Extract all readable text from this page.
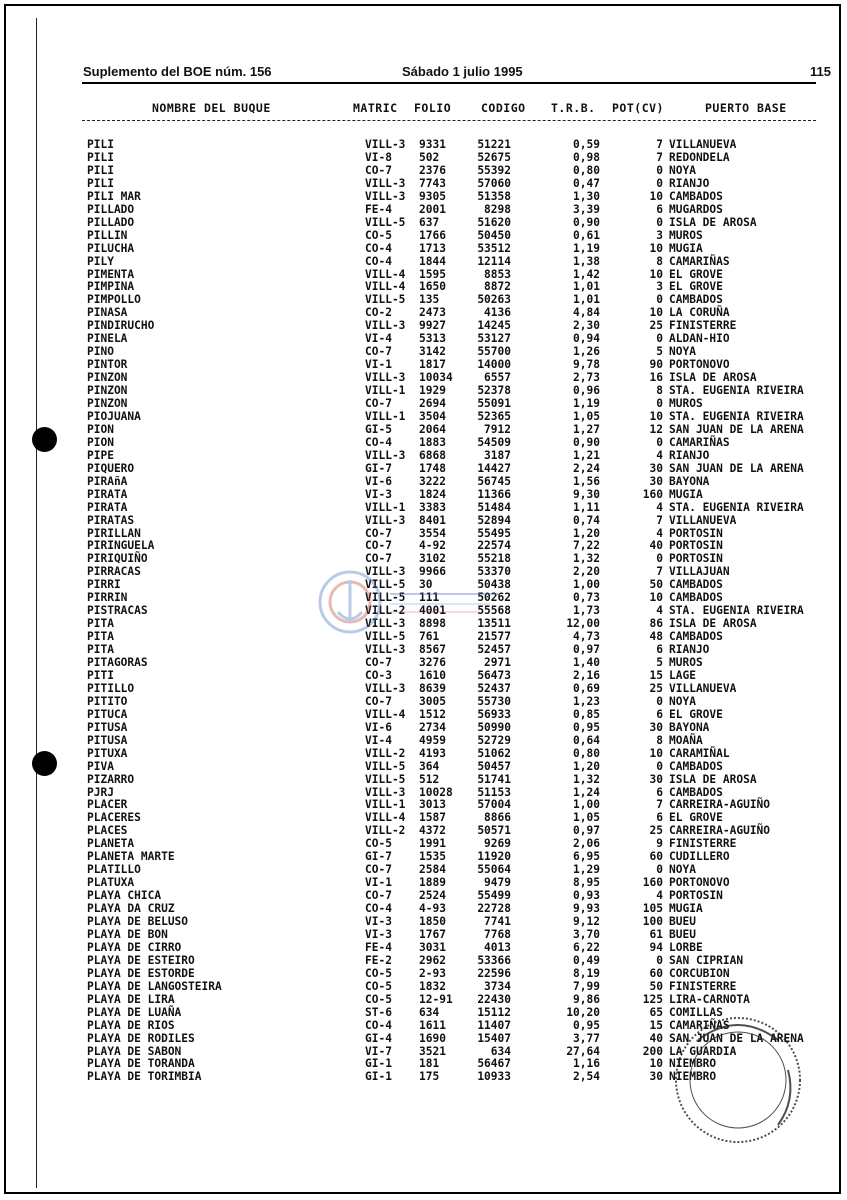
Suplemento del BOE núm. 156	Sábado 1 julio 1995	115
NOMBRE DEL BUQUE	MATRIC FOLIO	CODIGO T.R.B. POT(CV)	PUERTO BASE
PILI	VILL-3 9331	51221	0,59	7 VILLANUEVA
PILI	VI-8 502	52675	0,98	7 REDONDELA
PILI	CO-7 2376	55392	0,80	0 NOYA
PILI	VILL-3 7743	57060	0,47	0 RIANJO
PILI MAR	VILL-3 9305	51358	1,30	10 CAMBADOS
PILLADO	FE-4 2001	8298	3,39	6 MUGARDOS
PILLADO	VILL-5 637	51620	0,90	0 ISLA DE AROSA
PILLIN	CO-5 1766	50450	0,61	3 MUROS
PILUCHA	CO-4 1713	53512	1,19	10 MUGIA
PILY	CO-4 1844	12114	1,38	8 CAMARIÑAS
PIMENTA	VILL-4 1595	8853	1,42	10 EL GROVE
PIMPINA	VILL-4 1650	8872	1,01	3 EL GROVE
PIMPOLLO	VILL-5 135	50263	1,01	0 CAMBADOS
PINASA	CO-2 2473	4136	4,84	10 LA CORUÑA
PINDIRUCHO	VILL-3 9927	14245	2,30	25 FINISTERRE
PINELA	VI-4 5313	53127	0,94	0 ALDAN-HIO
PINO	CO-7 3142	55700	1,26	5 NOYA
PINTOR	VI-1 1817	14000	9,78	90 PORTONOVO
PINZON	VILL-3 10034	6557	2,73	16 ISLA DE AROSA
PINZON	VILL-1 1929	52378	0,96	8 STA. EUGENIA RIVEIRA
PINZON	CO-7 2694	55091	1,19	0 MUROS
PIOJUANA	VILL-1 3504	52365	1,05	10 STA. EUGENIA RIVEIRA
PION	GI-5 2064	7912	1,27	12 SAN JUAN DE LA ARENA
PION	CO-4 1883	54509	0,90	0 CAMARIÑAS
PIPE	VILL-3 6868	3187	1,21	4 RIANJO
PIQUERO	GI-7 1748	14427	2,24	30 SAN JUAN DE LA ARENA
PIRAñA	VI-6 3222	56745	1,56	30 BAYONA
PIRATA	VI-3 1824	11366	9,30	160 MUGIA
PIRATA	VILL-1 3383	51484	1,11	4 STA. EUGENIA RIVEIRA
PIRATAS	VILL-3 8401	52894	0,74	7 VILLANUEVA
PIRILLAN	CO-7 3554	55495	1,20	4 PORTOSIN
PIRINGUELA	CO-7 4-92	22574	7,22	40 PORTOSIN
PIRIQUIÑO	CO-7 3102	55218	1,32	0 PORTOSIN
PIRRACAS	VILL-3 9966	53370	2,20	7 VILLAJUAN
PIRRI	VILL-5 30	50438	1,00	50 CAMBADOS
PIRRIN	VILL-5 111	50262	0,73	10 CAMBADOS
PISTRACAS	VILL-2 4001	55568	1,73	4 STA. EUGENIA RIVEIRA
PITA	VILL-3 8898	13511	12,00	86 ISLA DE AROSA
PITA	VILL-5 761	21577	4,73	48 CAMBADOS
PITA	VILL-3 8567	52457	0,97	6 RIANJO
PITAGORAS	CO-7 3276	2971	1,40	5 MUROS
PITI	CO-3 1610	56473	2,16	15 LAGE
PITILLO	VILL-3 8639	52437	0,69	25 VILLANUEVA
PITITO	CO-7 3005	55730	1,23	0 NOYA
PITUCA	VILL-4 1512	56933	0,85	6 EL GROVE
PITUSA	VI-6 2734	50990	0,95	30 BAYONA
PITUSA	VI-4 4959	52729	0,64	8 MOAÑA
PITUXA	VILL-2 4193	51062	0,80	10 CARAMIÑAL
PIVA	VILL-5 364	50457	1,20	0 CAMBADOS
PIZARRO	VILL-5 512	51741	1,32	30 ISLA DE AROSA
PJRJ	VILL-3 10028 51153	1,24	6 CAMBADOS
PLACER	VILL-1 3013	57004	1,00	7 CARREIRA-AGUIÑO
PLACERES	VILL-4 1587	8866	1,05	6 EL GROVE
PLACES	VILL-2 4372	50571	0,97	25 CARREIRA-AGUIÑO
PLANETA	CO-5 1991	9269	2,06	9 FINISTERRE
PLANETA MARTE	GI-7 1535	11920	6,95	60 CUDILLERO
PLATILLO	CO-7 2584	55064	1,29	0 NOYA
PLATUXA	VI-1 1889	9479	8,95	160 PORTONOVO
PLAYA CHICA	CO-7 2524	55499	0,93	4 PORTOSIN
PLAYA DA CRUZ	CO-4 4-93	22728	9,93	105 MUGIA
PLAYA DE BELUSO	VI-3 1850	7741	9,12	100 BUEU
PLAYA DE BON	VI-3 1767	7768	3,70	61 BUEU
PLAYA DE CIRRO	FE-4 3031	4013	6,22	94 LORBE
PLAYA DE ESTEIRO	FE-2 2962	53366	0,49	0 SAN CIPRIAN
PLAYA DE ESTORDE	CO-5 2-93	22596	8,19	60 CORCUBION
PLAYA DE LANGOSTEIRA	CO-5 1832	3734	7,99	50 FINISTERRE
PLAYA DE LIRA	CO-5 12-91 22430	9,86	125 LIRA-CARNOTA
PLAYA DE LUAÑA	ST-6 634	15112	10,20	65 COMILLAS
PLAYA DE RIOS	CO-4 1611	11407	0,95	15 CAMARIÑAS
PLAYA DE RODILES	GI-4 1690	15407	3,77	40 SAN JUAN DE LA ARENA
PLAYA DE SABON	VI-7 3521	634	27,64	200 LA GUARDIA
PLAYA DE TORANDA	GI-1 181	56467	1,16	10 NIEMBRO
PLAYA DE TORIMBIA	GI-1 175	10933	2,54	30 NIEMBRO
